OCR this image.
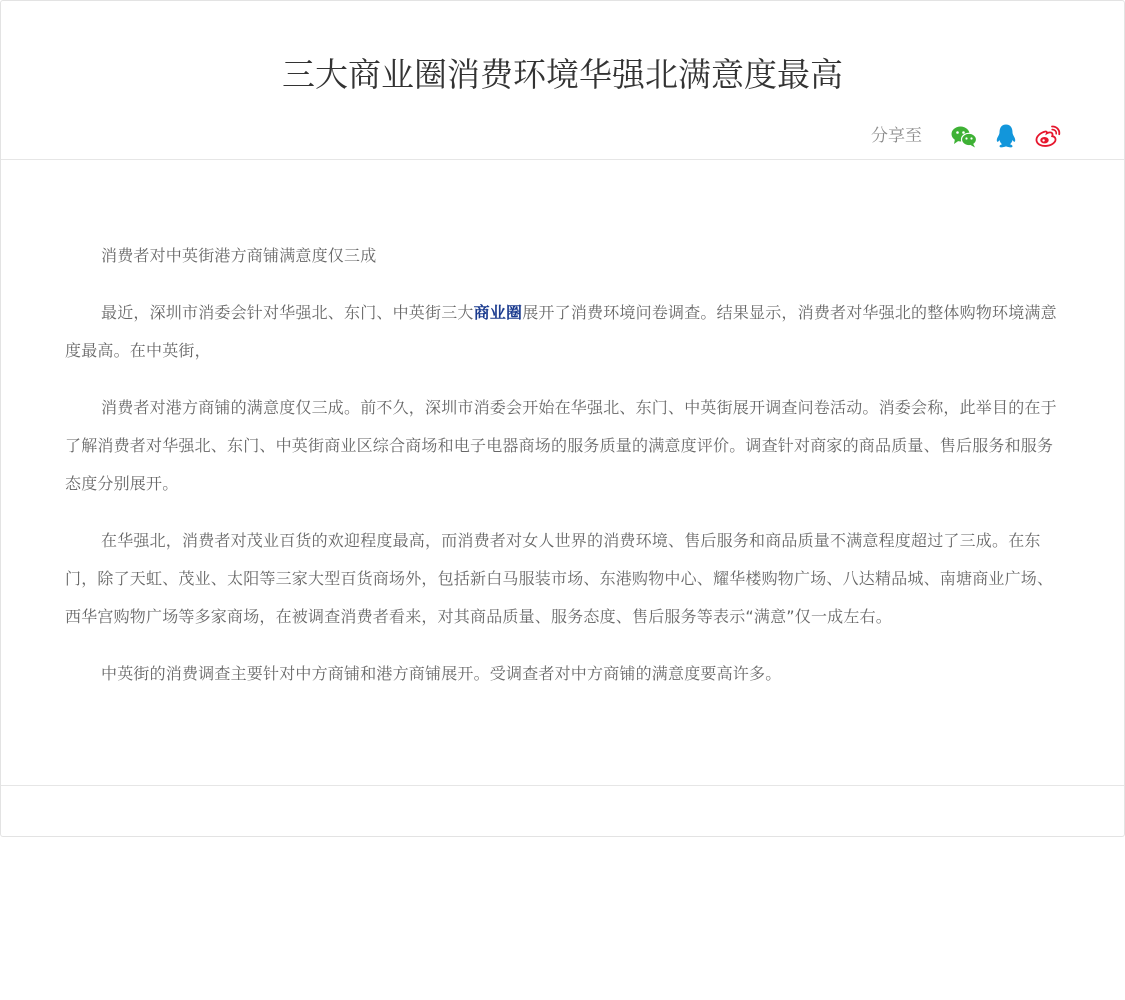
三大商业圈消费环境华强北满意度最高
分享至

消费者对中英街港方商铺满意度仅三成

最近，深圳市消委会针对华强北、东门、中英街三大商业圈展开了消费环境问卷调查。结果显示，消费者对华强北的整体购物环境满意度最高。在中英街，

消费者对港方商铺的满意度仅三成。前不久，深圳市消委会开始在华强北、东门、中英街展开调查问卷活动。消委会称，此举目的在于了解消费者对华强北、东门、中英街商业区综合商场和电子电器商场的服务质量的满意度评价。调查针对商家的商品质量、售后服务和服务态度分别展开。

在华强北，消费者对茂业百货的欢迎程度最高，而消费者对女人世界的消费环境、售后服务和商品质量不满意程度超过了三成。在东门，除了天虹、茂业、太阳等三家大型百货商场外，包括新白马服装市场、东港购物中心、耀华楼购物广场、八达精品城、南塘商业广场、西华宫购物广场等多家商场，在被调查消费者看来，对其商品质量、服务态度、售后服务等表示“满意”仅一成左右。

中英街的消费调查主要针对中方商铺和港方商铺展开。受调查者对中方商铺的满意度要高许多。
